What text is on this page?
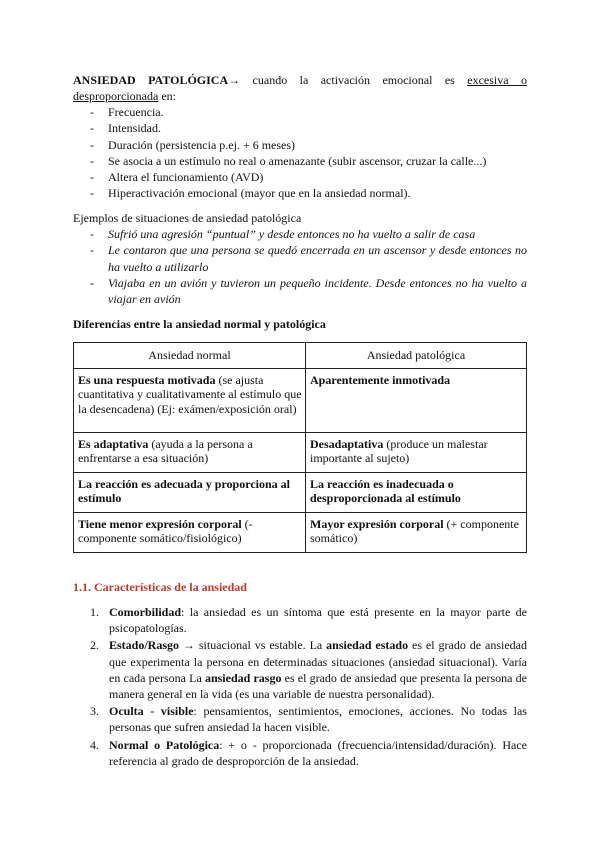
ANSIEDAD PATOLÓGICA→ cuando la activación emocional es excesiva o desproporcionada en:
- Frecuencia.
- Intensidad.
- Duración (persistencia p.ej. + 6 meses)
- Se asocia a un estímulo no real o amenazante (subir ascensor, cruzar la calle...)
- Altera el funcionamiento (AVD)
- Hiperactivación emocional (mayor que en la ansiedad normal).
Ejemplos de situaciones de ansiedad patológica
- Sufrió una agresión “puntual” y desde entonces no ha vuelto a salir de casa
- Le contaron que una persona se quedó encerrada en un ascensor y desde entonces no ha vuelto a utilizarlo
- Viajaba en un avión y tuvieron un pequeño incidente. Desde entonces no ha vuelto a viajar en avión
Diferencias entre la ansiedad normal y patológica
Ansiedad normal	Ansiedad patológica
Es una respuesta motivada (se ajusta cuantitativa y cualitativamente al estímulo que la desencadena) (Ej: exámen/exposición oral)	Aparentemente inmotivada
Es adaptativa (ayuda a la persona a enfrentarse a esa situación)	Desadaptativa (produce un malestar importante al sujeto)
La reacción es adecuada y proporciona al estímulo	La reacción es inadecuada o desproporcionada al estímulo
Tiene menor expresión corporal (-componente somático/fisiológico)	Mayor expresión corporal (+ componente somático)
1.1. Características de la ansiedad
1. Comorbilidad: la ansiedad es un síntoma que está presente en la mayor parte de psicopatologías.
2. Estado/Rasgo → situacional vs estable. La ansiedad estado es el grado de ansiedad que experimenta la persona en determinadas situaciones (ansiedad situacional). Varía en cada persona La ansiedad rasgo es el grado de ansiedad que presenta la persona de manera general en la vida (es una variable de nuestra personalidad).
3. Oculta - visible: pensamientos, sentimientos, emociones, acciones. No todas las personas que sufren ansiedad la hacen visible.
4. Normal o Patológica: + o - proporcionada (frecuencia/intensidad/duración). Hace referencia al grado de desproporción de la ansiedad.
